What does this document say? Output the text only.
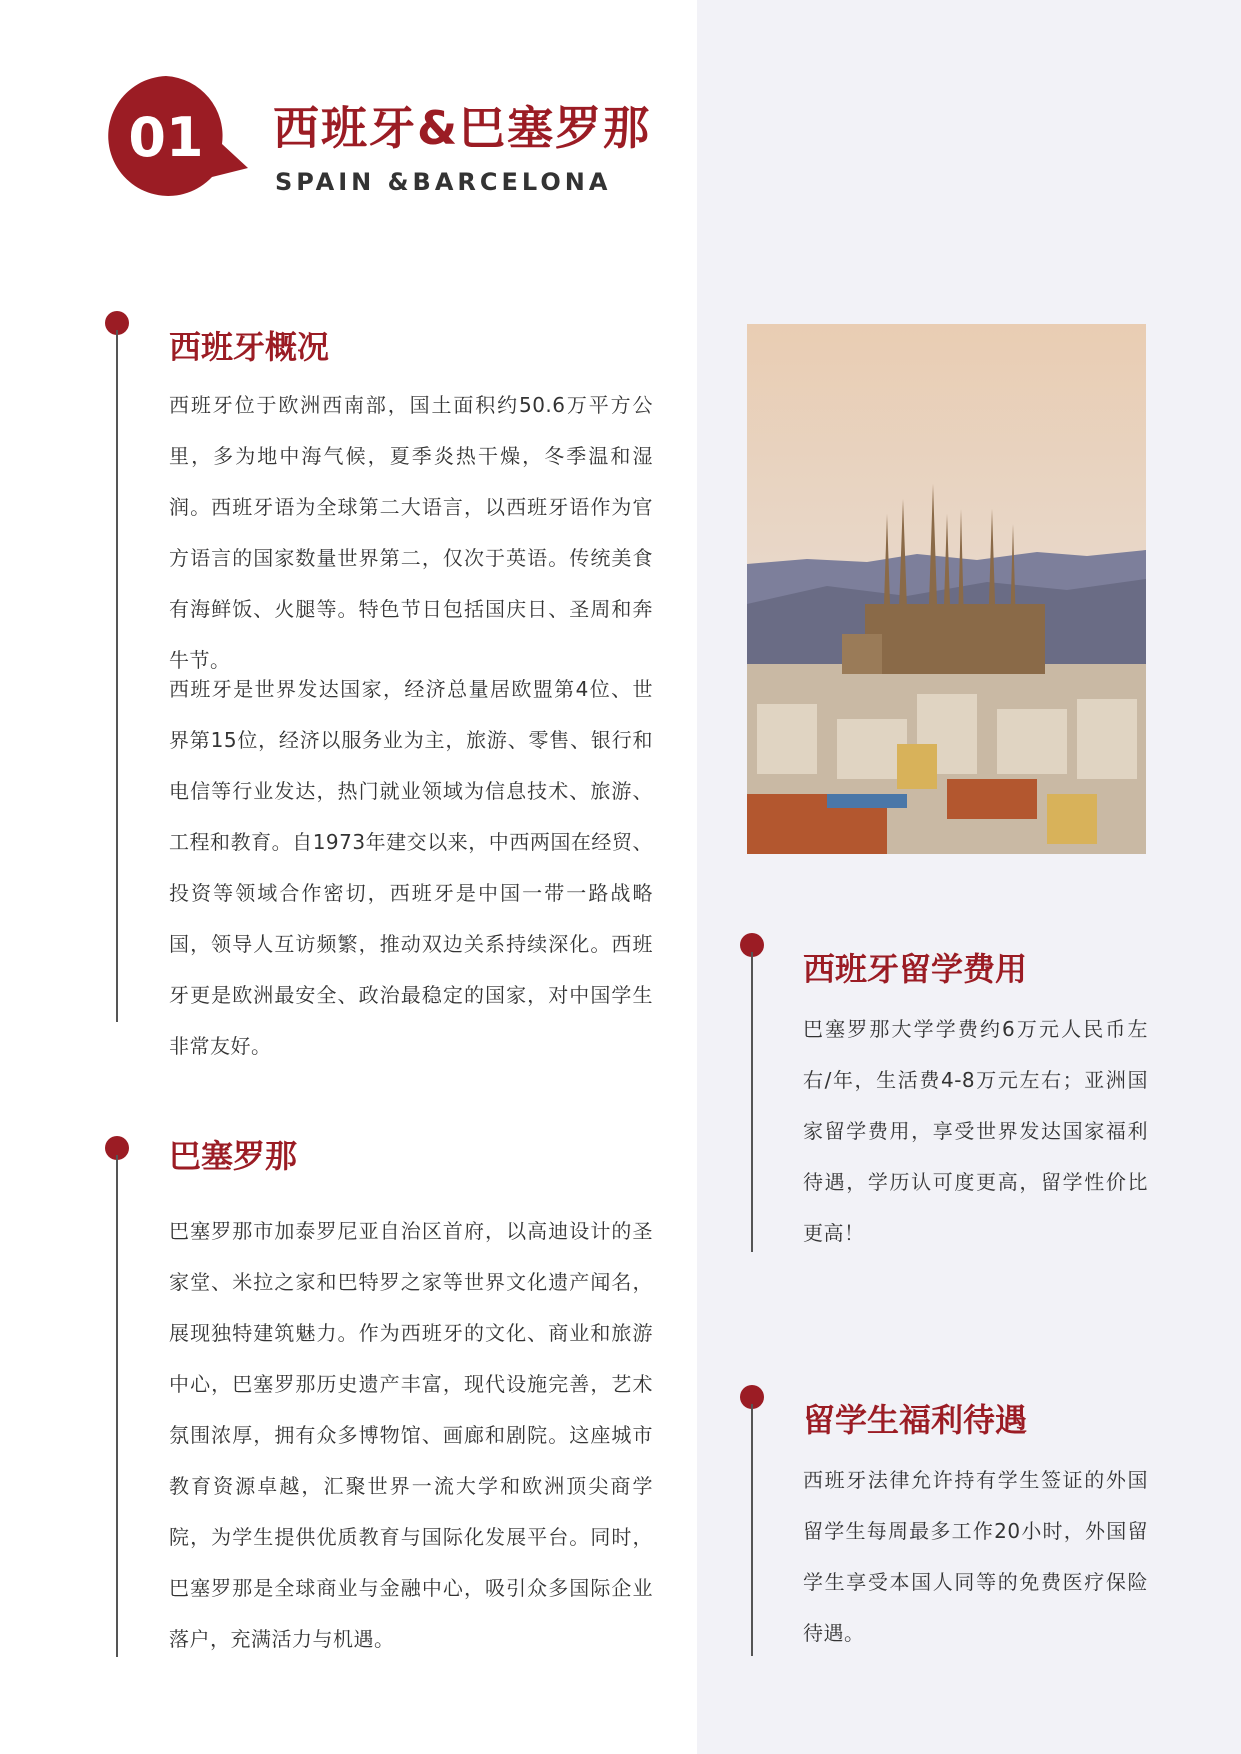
01 西班牙&巴塞罗那
SPAIN &BARCELONA
西班牙概况

西班牙位于欧洲西南部，国土面积约50.6万平方公里，多为地中海气候，夏季炎热干燥，冬季温和湿润。西班牙语为全球第二大语言，以西班牙语作为官方语言的国家数量世界第二，仅次于英语。传统美食有海鲜饭、火腿等。特色节日包括国庆日、圣周和奔牛节。

西班牙是世界发达国家，经济总量居欧盟第4位、世界第15位，经济以服务业为主，旅游、零售、银行和电信等行业发达，热门就业领域为信息技术、旅游、工程和教育。自1973年建交以来，中西两国在经贸、投资等领域合作密切，西班牙是中国一带一路战略国，领导人互访频繁，推动双边关系持续深化。西班牙更是欧洲最安全、政治最稳定的国家，对中国学生非常友好。

巴塞罗那

巴塞罗那市加泰罗尼亚自治区首府，以高迪设计的圣家堂、米拉之家和巴特罗之家等世界文化遗产闻名，展现独特建筑魅力。作为西班牙的文化、商业和旅游中心，巴塞罗那历史遗产丰富，现代设施完善，艺术氛围浓厚，拥有众多博物馆、画廊和剧院。这座城市教育资源卓越，汇聚世界一流大学和欧洲顶尖商学院，为学生提供优质教育与国际化发展平台。同时，巴塞罗那是全球商业与金融中心，吸引众多国际企业落户，充满活力与机遇。

西班牙留学费用

巴塞罗那大学学费约6万元人民币左右/年，生活费4-8万元左右；亚洲国家留学费用，享受世界发达国家福利待遇，学历认可度更高，留学性价比更高！

留学生福利待遇

西班牙法律允许持有学生签证的外国留学生每周最多工作20小时，外国留学生享受本国人同等的免费医疗保险待遇。
